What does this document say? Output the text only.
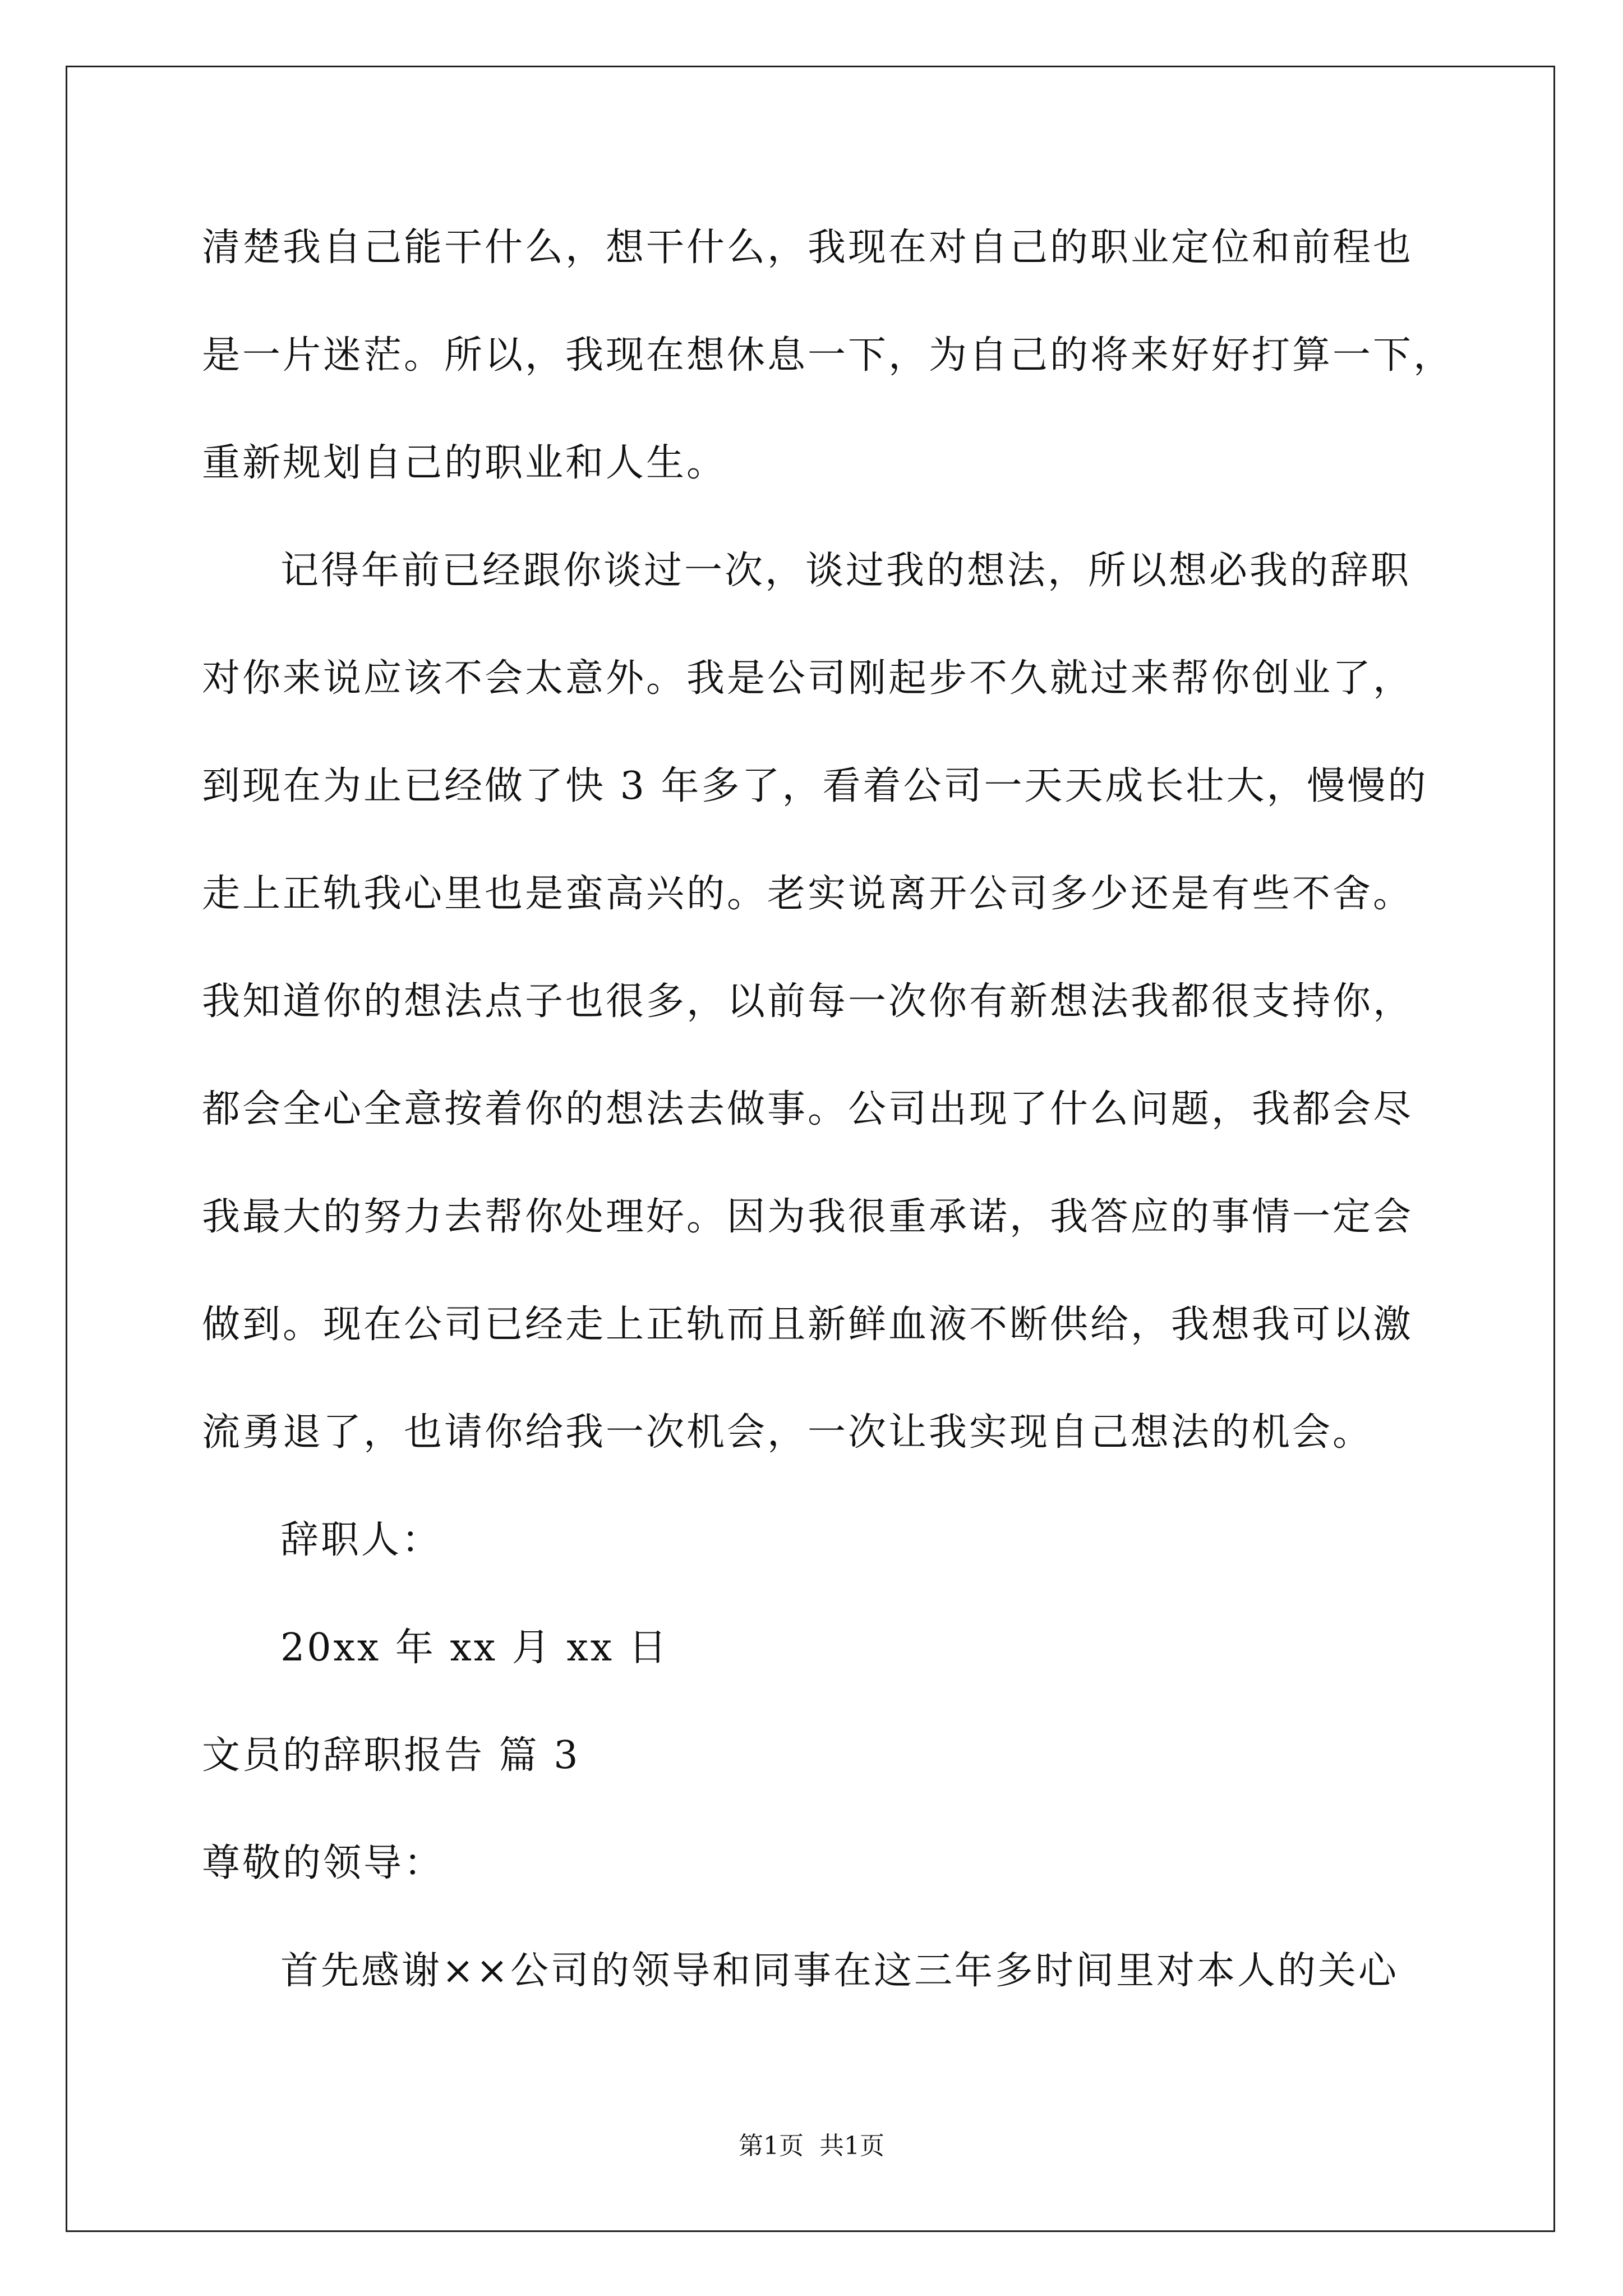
清楚我自己能干什么，想干什么，我现在对自己的职业定位和前程也
是一片迷茫。所以，我现在想休息一下，为自己的将来好好打算一下，
重新规划自己的职业和人生。
记得年前已经跟你谈过一次，谈过我的想法，所以想必我的辞职
对你来说应该不会太意外。我是公司刚起步不久就过来帮你创业了，
到现在为止已经做了快 3 年多了，看着公司一天天成长壮大，慢慢的
走上正轨我心里也是蛮高兴的。老实说离开公司多少还是有些不舍。
我知道你的想法点子也很多，以前每一次你有新想法我都很支持你，
都会全心全意按着你的想法去做事。公司出现了什么问题，我都会尽
我最大的努力去帮你处理好。因为我很重承诺，我答应的事情一定会
做到。现在公司已经走上正轨而且新鲜血液不断供给，我想我可以激
流勇退了，也请你给我一次机会，一次让我实现自己想法的机会。
辞职人：
20xx 年 xx 月 xx 日
文员的辞职报告 篇 3
尊敬的领导：
首先感谢××公司的领导和同事在这三年多时间里对本人的关心
第1页  共1页
